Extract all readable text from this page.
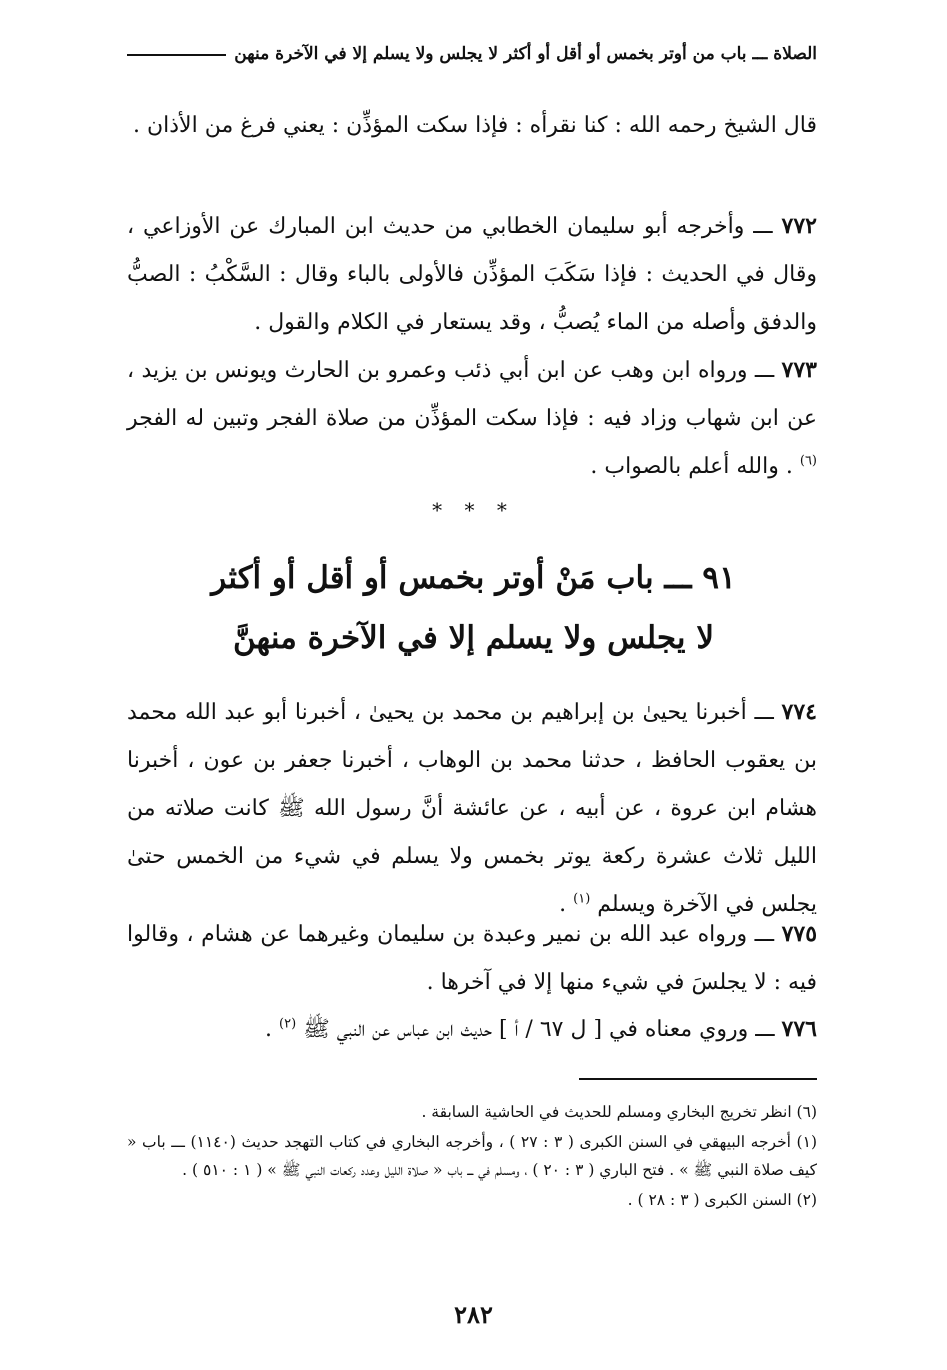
الصلاة ـــ باب من أوتر بخمس أو أقل أو أكثر لا يجلس ولا يسلم إلا في الآخرة منهن
قال الشيخ رحمه الله : كنا نقرأه : فإذا سكت المؤذِّن : يعني فرغ من الأذان .
٧٧٢ ـــ وأخرجه أبو سليمان الخطابي من حديث ابن المبارك عن الأوزاعي ، وقال في الحديث : فإذا سَكَبَ المؤذِّن فالأولى بالباء وقال : السَّكْبُ : الصبُّ والدفق وأصله من الماء يُصبُّ ، وقد يستعار في الكلام والقول .
٧٧٣ ـــ ورواه ابن وهب عن ابن أبي ذئب وعمرو بن الحارث ويونس بن يزيد ، عن ابن شهاب وزاد فيه : فإذا سكت المؤذِّن من صلاة الفجر وتبين له الفجر $^{(٦)}$ . والله أعلم بالصواب .
* * *
٩١ ـــ باب مَنْ أوتر بخمس أو أقل أو أكثر
لا يجلس ولا يسلم إلا في الآخرة منهنَّ
٧٧٤ ـــ أخبرنا يحيىٰ بن إبراهيم بن محمد بن يحيىٰ ، أخبرنا أبو عبد الله محمد بن يعقوب الحافظ ، حدثنا محمد بن الوهاب ، أخبرنا جعفر بن عون ، أخبرنا هشام ابن عروة ، عن أبيه ، عن عائشة أنَّ رسول الله ﷺ كانت صلاته من الليل ثلاث عشرة ركعة يوتر بخمس ولا يسلم في شيء من الخمس حتىٰ يجلس في الآخرة ويسلم $^{(١)}$ .
٧٧٥ ـــ ورواه عبد الله بن نمير وعبدة بن سليمان وغيرهما عن هشام ، وقالوا فيه : لا يجلسَ في شيء منها إلا في آخرها .
٧٧٦ ـــ وروي معناه في [ ل ٦٧ / أ ] حديث ابن عباس عن النبي ﷺ $^{(٢)}$ .

(٦) انظر تخريج البخاري ومسلم للحديث في الحاشية السابقة .

(١) أخرجه البيهقي في السنن الكبرى ( ٣ : ٢٧ ) ، وأخرجه البخاري في كتاب التهجد حديث (١١٤٠) ـــ باب « كيف صلاة النبي ﷺ » . فتح الباري ( ٣ : ٢٠ ) ، ومسلم في ـــ باب « صلاة الليل وعدد ركعات النبي ﷺ » ( ١ : ٥١٠ ) .

(٢) السنن الكبرى ( ٣ : ٢٨ ) .

٢٨٢
